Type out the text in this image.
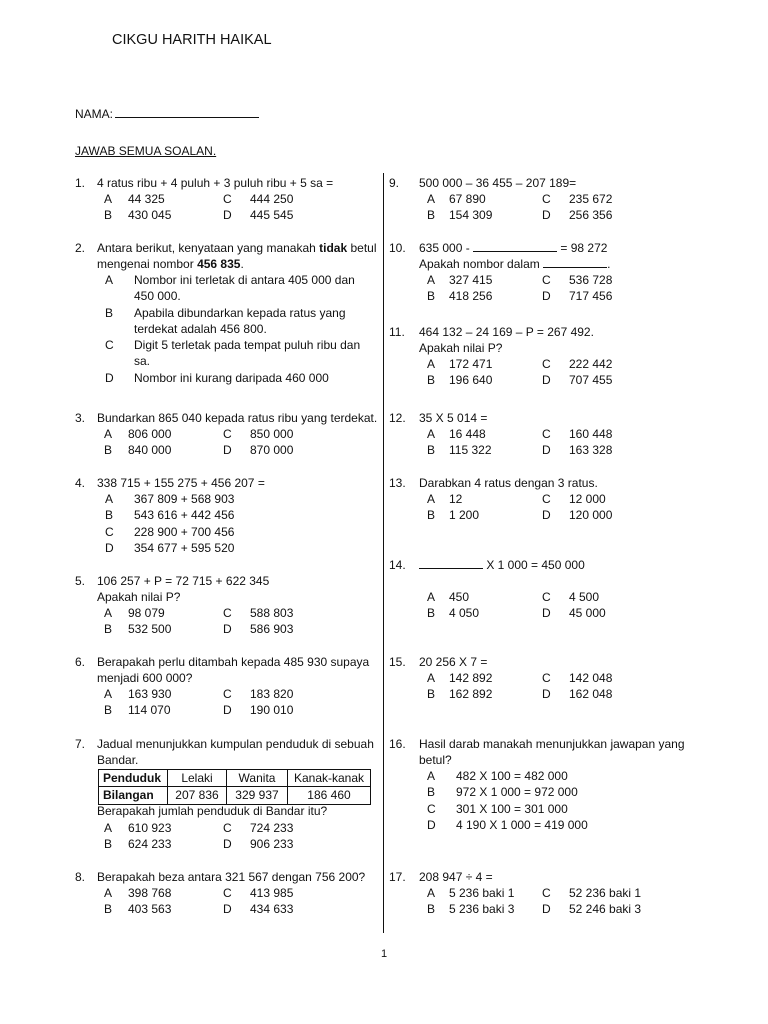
CIKGU HARITH HAIKAL
NAMA:
JAWAB SEMUA SOALAN.
1. 4 ratus ribu + 4 puluh + 3 puluh ribu + 5 sa =
A 44 325	C 444 250
B 430 045	D 445 545
2. Antara berikut, kenyataan yang manakah tidak betul
mengenai nombor 456 835.
A Nombor ini terletak di antara 405 000 dan 450 000.
B Apabila dibundarkan kepada ratus yang terdekat adalah 456 800.
C Digit 5 terletak pada tempat puluh ribu dan sa.
D Nombor ini kurang daripada 460 000
3. Bundarkan 865 040 kepada ratus ribu yang terdekat.
A 806 000	C 850 000
B 840 000	D 870 000
4. 338 715 + 155 275 + 456 207 =
A 367 809 + 568 903
B 543 616 + 442 456
C 228 900 + 700 456
D 354 677 + 595 520
5. 106 257 + P = 72 715 + 622 345
Apakah nilai P?
A 98 079	C 588 803
B 532 500	D 586 903
6. Berapakah perlu ditambah kepada 485 930 supaya
menjadi 600 000?
A 163 930	C 183 820
B 114 070	D 190 010
7. Jadual menunjukkan kumpulan penduduk di sebuah
Bandar.
Penduduk	Lelaki	Wanita	Kanak-kanak
Bilangan	207 836	329 937	186 460
Berapakah jumlah penduduk di Bandar itu?
A 610 923	C 724 233
B 624 233	D 906 233
8. Berapakah beza antara 321 567 dengan 756 200?
A 398 768	C 413 985
B 403 563	D 434 633
9. 500 000 – 36 455 – 207 189=
A 67 890	C 235 672
B 154 309	D 256 356
10. 635 000 -	= 98 272
Apakah nombor dalam	.
A 327 415	C 536 728
B 418 256	D 717 456
11. 464 132 – 24 169 – P = 267 492.
Apakah nilai P?
A 172 471	C 222 442
B 196 640	D 707 455
12. 35 X 5 014 =
A 16 448	C 160 448
B 115 322	D 163 328
13. Darabkan 4 ratus dengan 3 ratus.
A 12	C 12 000
B 1 200	D 120 000
14.	X 1 000 = 450 000
A 450	C 4 500
B 4 050	D 45 000
15. 20 256 X 7 =
A 142 892	C 142 048
B 162 892	D 162 048
16. Hasil darab manakah menunjukkan jawapan yang
betul?
A 482 X 100 = 482 000
B 972 X 1 000 = 972 000
C 301 X 100 = 301 000
D 4 190 X 1 000 = 419 000
17. 208 947 ÷ 4 =
A 5 236 baki 1 C 52 236 baki 1
B 5 236 baki 3 D 52 246 baki 3
1
